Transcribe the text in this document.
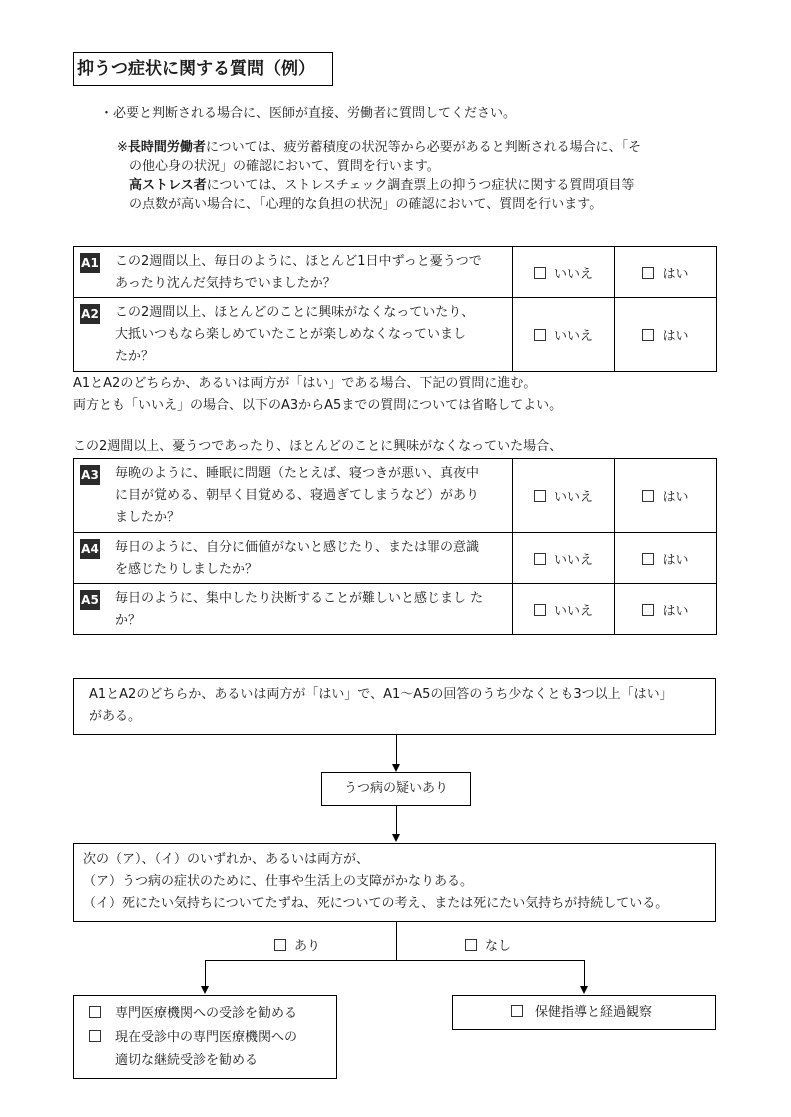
抑うつ症状に関する質問（例）
・必要と判断される場合に、医師が直接、労働者に質問してください。
※長時間労働者については、疲労蓄積度の状況等から必要があると判断される場合に、「そ
の他心身の状況」の確認において、質問を行います。
高ストレス者については、ストレスチェック調査票上の抑うつ症状に関する質問項目等
の点数が高い場合に、「心理的な負担の状況」の確認において、質問を行います。
A1 この2週間以上、毎日のように、ほとんど1日中ずっと憂うつで
あったり沈んだ気持ちでいましたか？	いいえ	はい

A2 この2週間以上、ほとんどのことに興味がなくなっていたり、
大抵いつもなら楽しめていたことが楽しめなくなっていまし
たか？	いいえ	はい
A1とA2のどちらか、あるいは両方が「はい」である場合、下記の質問に進む。
両方とも「いいえ」の場合、以下のA3からA5までの質問については省略してよい。
この2週間以上、憂うつであったり、ほとんどのことに興味がなくなっていた場合、
A3 毎晩のように、睡眠に問題（たとえば、寝つきが悪い、真夜中
に目が覚める、朝早く目覚める、寝過ぎてしまうなど）があり
ましたか？	いいえ	はい

A4 毎日のように、自分に価値がないと感じたり、または罪の意識
を感じたりしましたか？	いいえ	はい

A5 毎日のように、集中したり決断することが難しいと感じまし た
か？	いいえ	はい
A1とA2のどちらか、あるいは両方が「はい」で、A1～A5の回答のうち少なくとも3つ以上「はい」
がある。
うつ病の疑いあり
次の（ア）、（イ）のいずれか、あるいは両方が、
（ア）うつ病の症状のために、仕事や生活上の支障がかなりある。
（イ）死にたい気持ちについてたずね、死についての考え、または死にたい気持ちが持続している。
あり	なし
専門医療機関への受診を勧める
現在受診中の専門医療機関への
適切な継続受診を勧める
保健指導と経過観察
